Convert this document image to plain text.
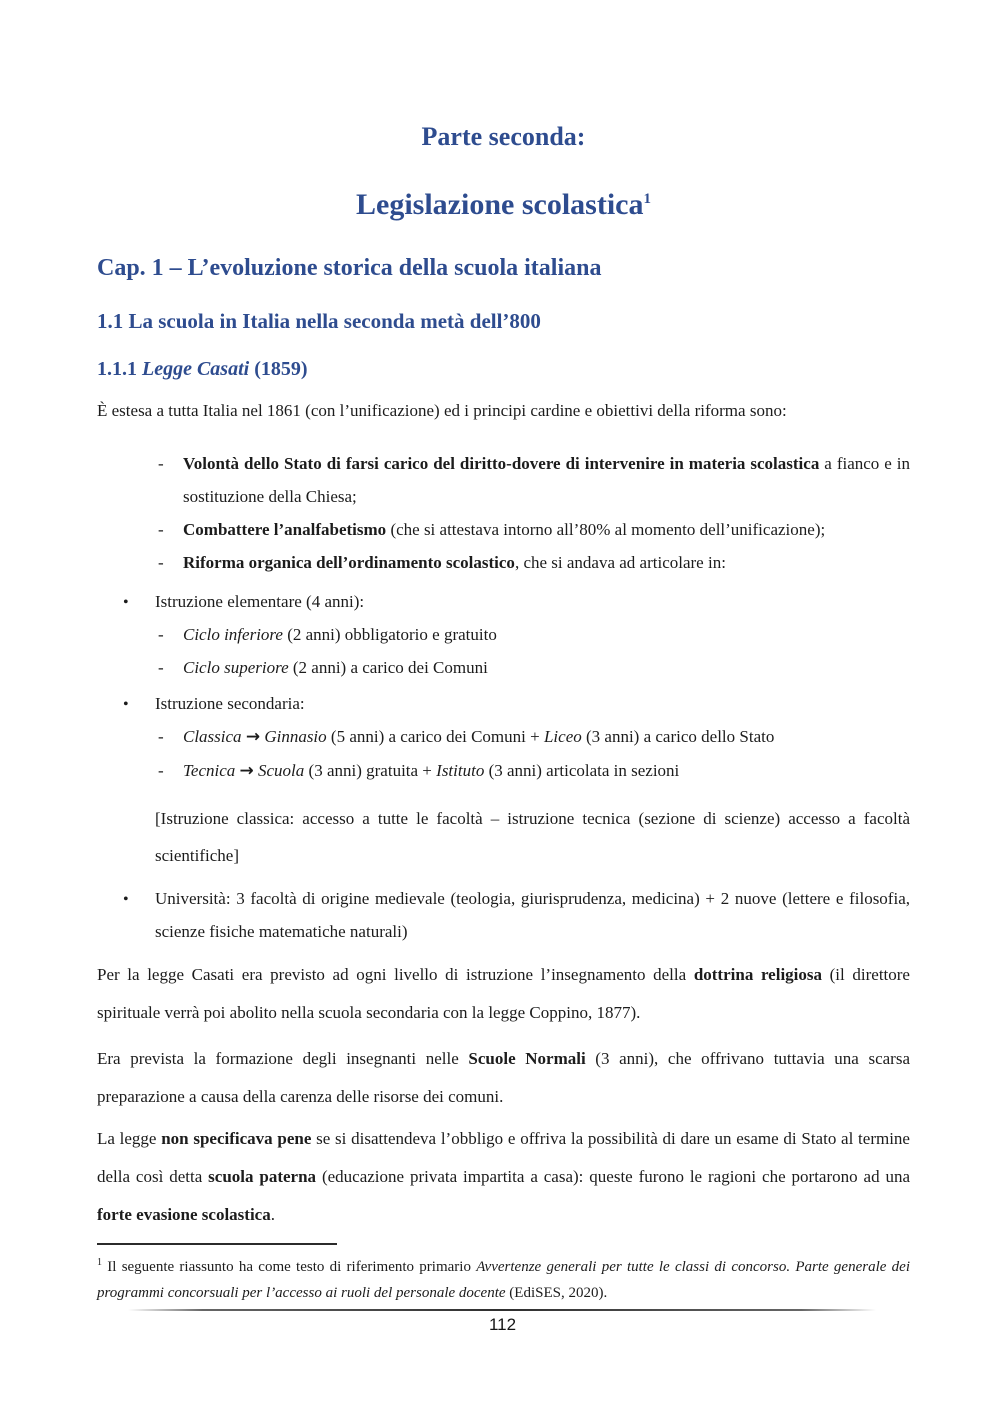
Parte seconda:
Legislazione scolastica$^1$
Cap. 1 – L’evoluzione storica della scuola italiana
1.1 La scuola in Italia nella seconda metà dell’800
1.1.1 Legge Casati (1859)

È estesa a tutta Italia nel 1861 (con l’unificazione) ed i principi cardine e obiettivi della riforma sono:

- Volontà dello Stato di farsi carico del diritto-dovere di intervenire in materia scolastica a fianco e in sostituzione della Chiesa;
- Combattere l’analfabetismo (che si attestava intorno all’80% al momento dell’unificazione);
- Riforma organica dell’ordinamento scolastico, che si andava ad articolare in:
• Istruzione elementare (4 anni):
- Ciclo inferiore (2 anni) obbligatorio e gratuito
- Ciclo superiore (2 anni) a carico dei Comuni
• Istruzione secondaria:
- Classica → Ginnasio (5 anni) a carico dei Comuni + Liceo (3 anni) a carico dello Stato
- Tecnica → Scuola (3 anni) gratuita + Istituto (3 anni) articolata in sezioni

[Istruzione classica: accesso a tutte le facoltà – istruzione tecnica (sezione di scienze) accesso a facoltà scientifiche]

• Università: 3 facoltà di origine medievale (teologia, giurisprudenza, medicina) + 2 nuove (lettere e filosofia, scienze fisiche matematiche naturali)

Per la legge Casati era previsto ad ogni livello di istruzione l’insegnamento della dottrina religiosa (il direttore spirituale verrà poi abolito nella scuola secondaria con la legge Coppino, 1877).

Era prevista la formazione degli insegnanti nelle Scuole Normali (3 anni), che offrivano tuttavia una scarsa preparazione a causa della carenza delle risorse dei comuni.

La legge non specificava pene se si disattendeva l’obbligo e offriva la possibilità di dare un esame di Stato al termine della così detta scuola paterna (educazione privata impartita a casa): queste furono le ragioni che portarono ad una forte evasione scolastica.

$^1$ Il seguente riassunto ha come testo di riferimento primario Avvertenze generali per tutte le classi di concorso. Parte generale dei programmi concorsuali per l’accesso ai ruoli del personale docente (EdiSES, 2020).
112
